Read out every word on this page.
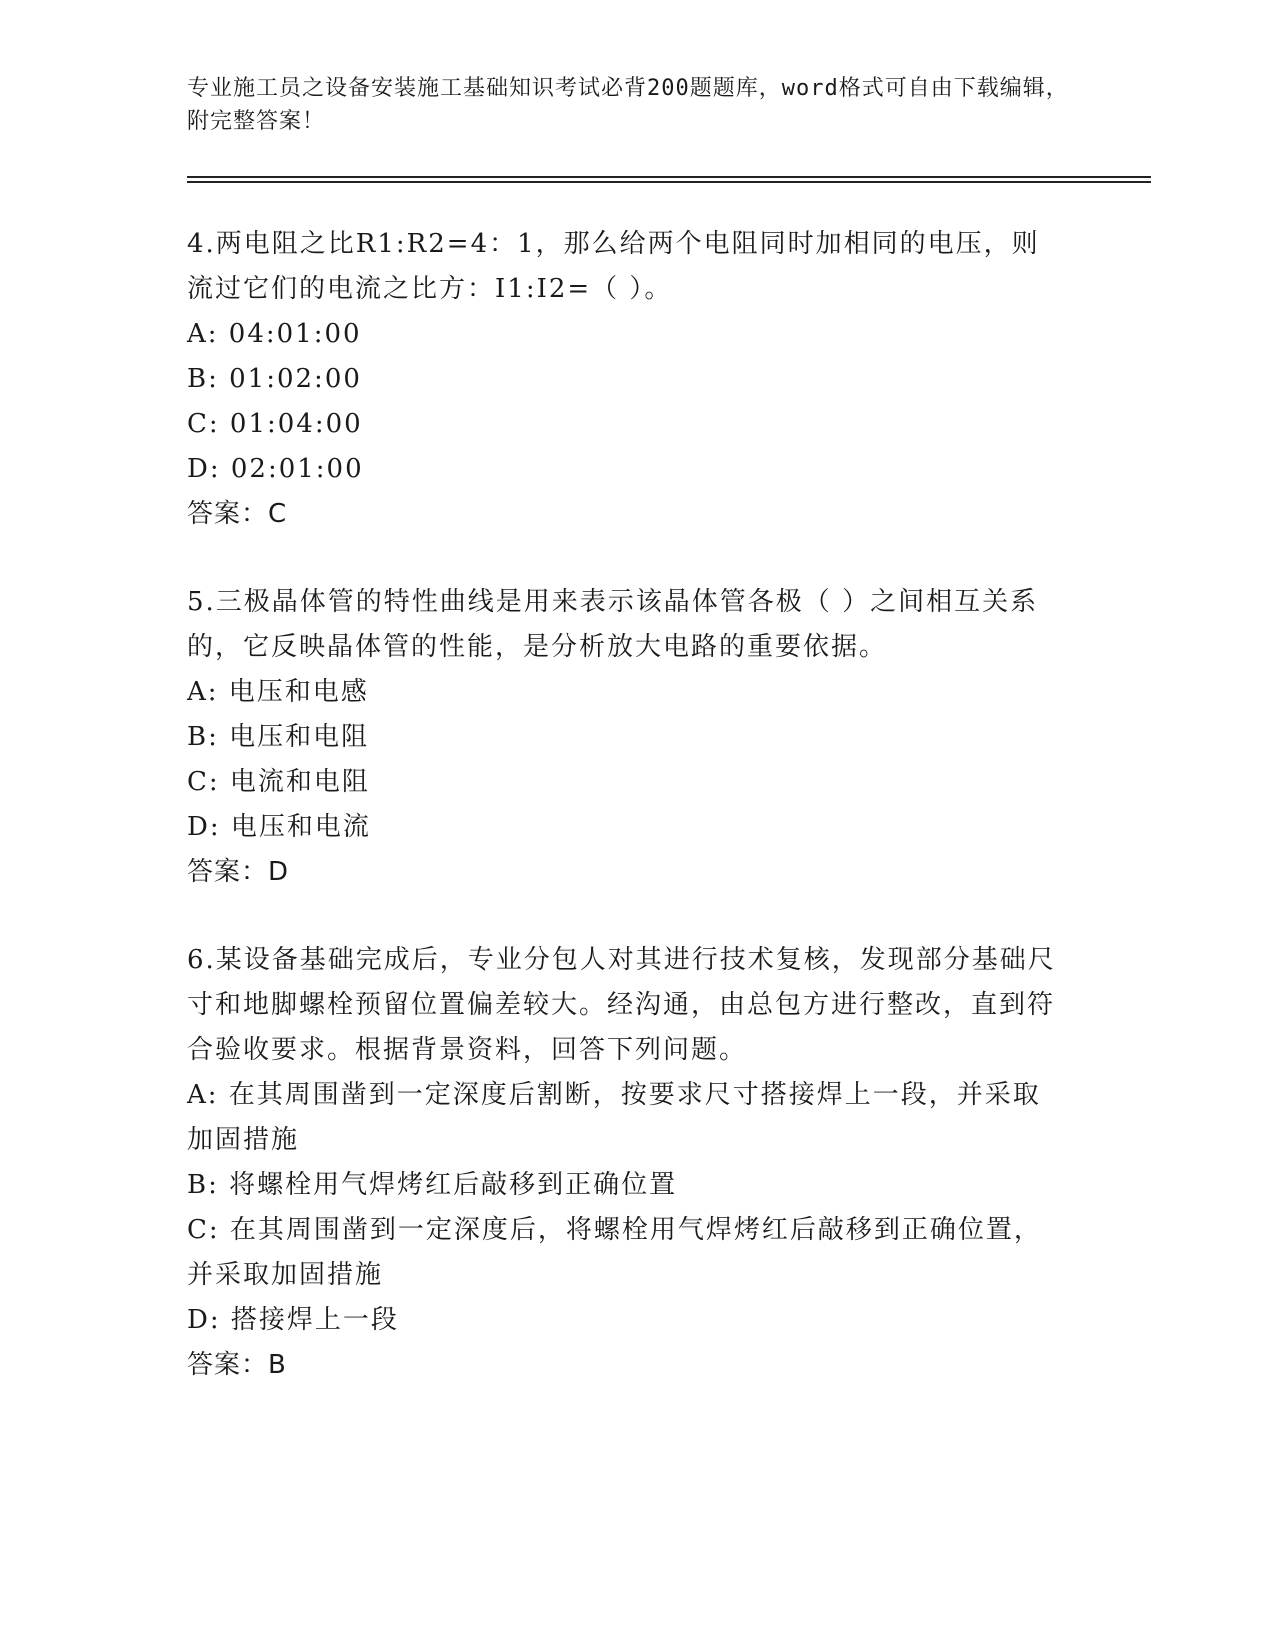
专业施工员之设备安装施工基础知识考试必背200题题库，word格式可自由下载编辑，附完整答案！

4.两电阻之比R1:R2=4：1，那么给两个电阻同时加相同的电压，则流过它们的电流之比方：I1:I2=（ ）。

A: 04:01:00

B: 01:02:00

C: 01:04:00

D: 02:01:00

答案：C

5.三极晶体管的特性曲线是用来表示该晶体管各极（ ）之间相互关系的，它反映晶体管的性能，是分析放大电路的重要依据。

A: 电压和电感

B: 电压和电阻

C: 电流和电阻

D: 电压和电流

答案：D

6.某设备基础完成后，专业分包人对其进行技术复核，发现部分基础尺寸和地脚螺栓预留位置偏差较大。经沟通，由总包方进行整改，直到符合验收要求。根据背景资料，回答下列问题。

A: 在其周围凿到一定深度后割断，按要求尺寸搭接焊上一段，并采取加固措施

B: 将螺栓用气焊烤红后敲移到正确位置

C: 在其周围凿到一定深度后，将螺栓用气焊烤红后敲移到正确位置，并采取加固措施

D: 搭接焊上一段

答案：B
